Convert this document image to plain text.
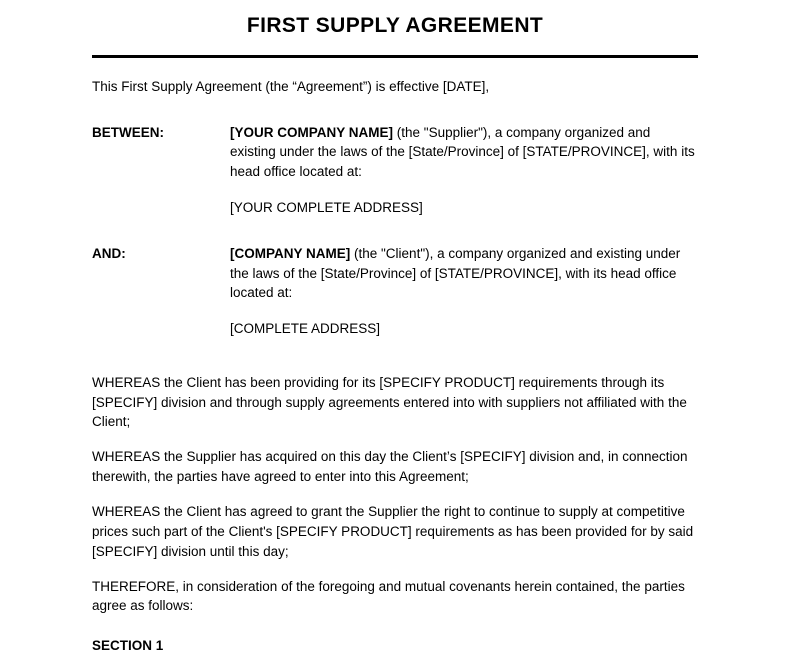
FIRST SUPPLY AGREEMENT

This First Supply Agreement (the “Agreement”) is effective [DATE],

BETWEEN:	[YOUR COMPANY NAME] (the "Supplier"), a company organized and existing under the laws of the [State/Province] of [STATE/PROVINCE], with its head office located at:
[YOUR COMPLETE ADDRESS]
AND:	[COMPANY NAME] (the "Client"), a company organized and existing under the laws of the [State/Province] of [STATE/PROVINCE], with its head office located at:
[COMPLETE ADDRESS]

WHEREAS the Client has been providing for its [SPECIFY PRODUCT] requirements through its [SPECIFY] division and through supply agreements entered into with suppliers not affiliated with the Client;

WHEREAS the Supplier has acquired on this day the Client’s [SPECIFY] division and, in connection therewith, the parties have agreed to enter into this Agreement;

WHEREAS the Client has agreed to grant the Supplier the right to continue to supply at competitive prices such part of the Client's [SPECIFY PRODUCT] requirements as has been provided for by said [SPECIFY] division until this day;

THEREFORE, in consideration of the foregoing and mutual covenants herein contained, the parties agree as follows:

SECTION 1
